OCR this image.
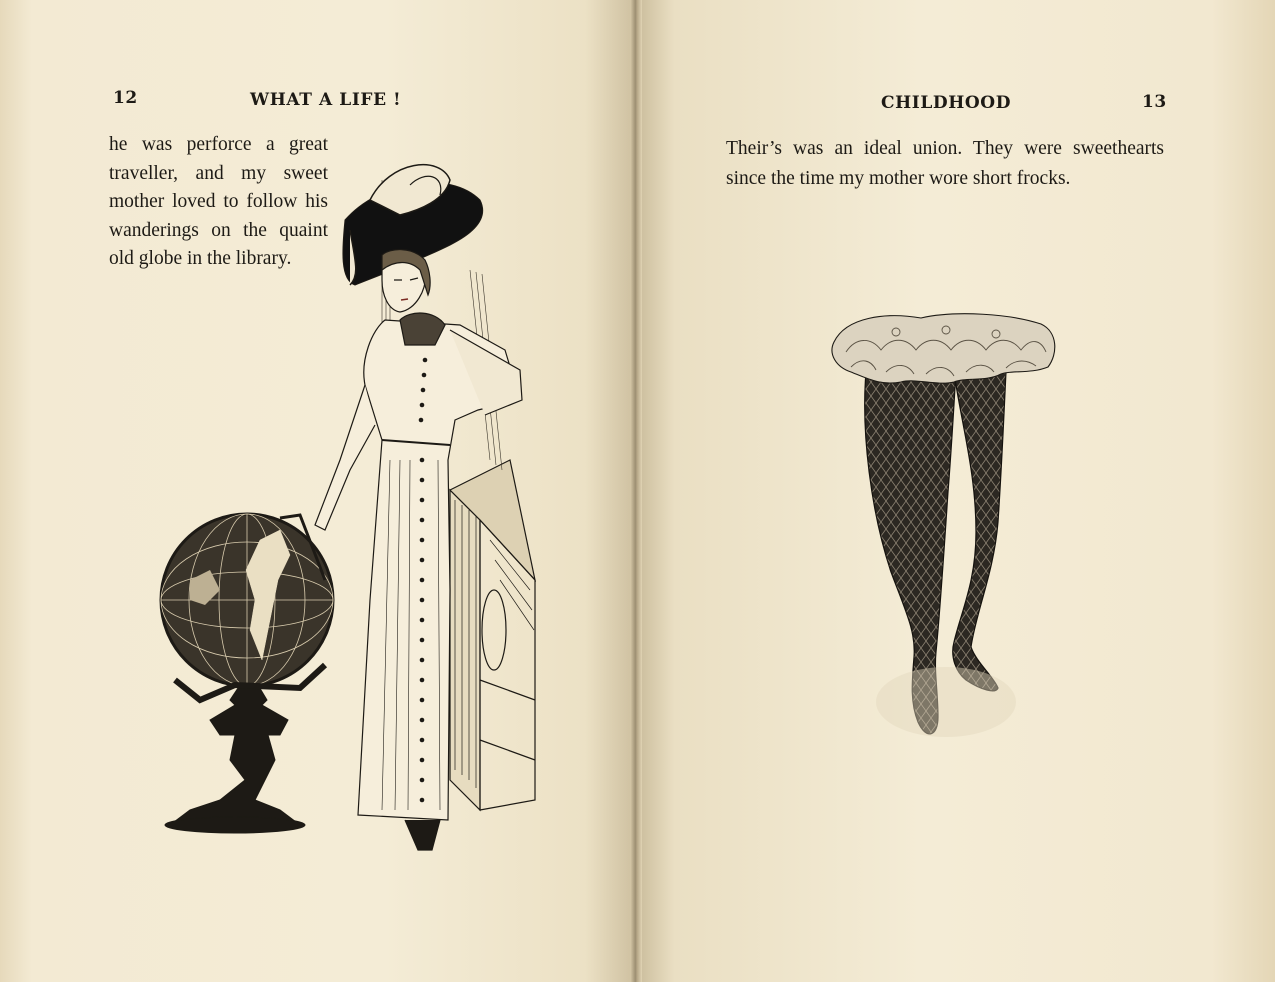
12	WHAT A LIFE !
he was perforce a great traveller, and my sweet mother loved to follow his wanderings on the quaint old globe in the library.
CHILDHOOD	13
Their’s was an ideal union. They were sweethearts since the time my mother wore short frocks.
